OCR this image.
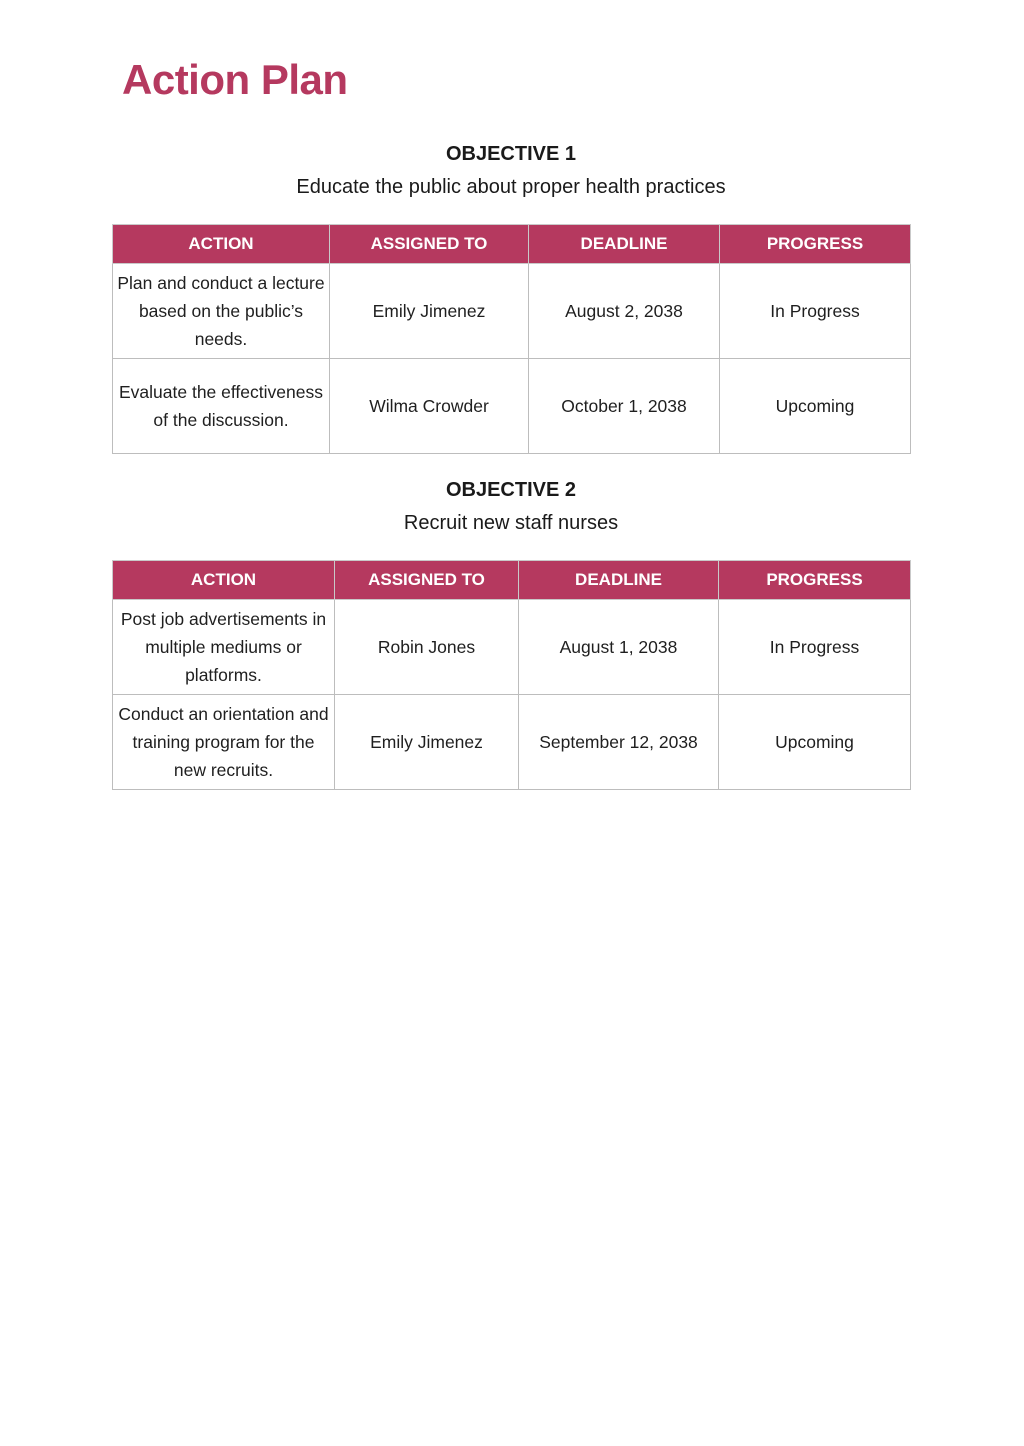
Action Plan

OBJECTIVE 1

Educate the public about proper health practices

ACTION	ASSIGNED TO	DEADLINE	PROGRESS
Plan and conduct a lecture based on the public’s needs.	Emily Jimenez	August 2, 2038	In Progress
Evaluate the effectiveness of the discussion.	Wilma Crowder	October 1, 2038	Upcoming

OBJECTIVE 2

Recruit new staff nurses

ACTION	ASSIGNED TO	DEADLINE	PROGRESS
Post job advertisements in multiple mediums or platforms.	Robin Jones	August 1, 2038	In Progress
Conduct an orientation and training program for the new recruits.	Emily Jimenez	September 12, 2038	Upcoming
